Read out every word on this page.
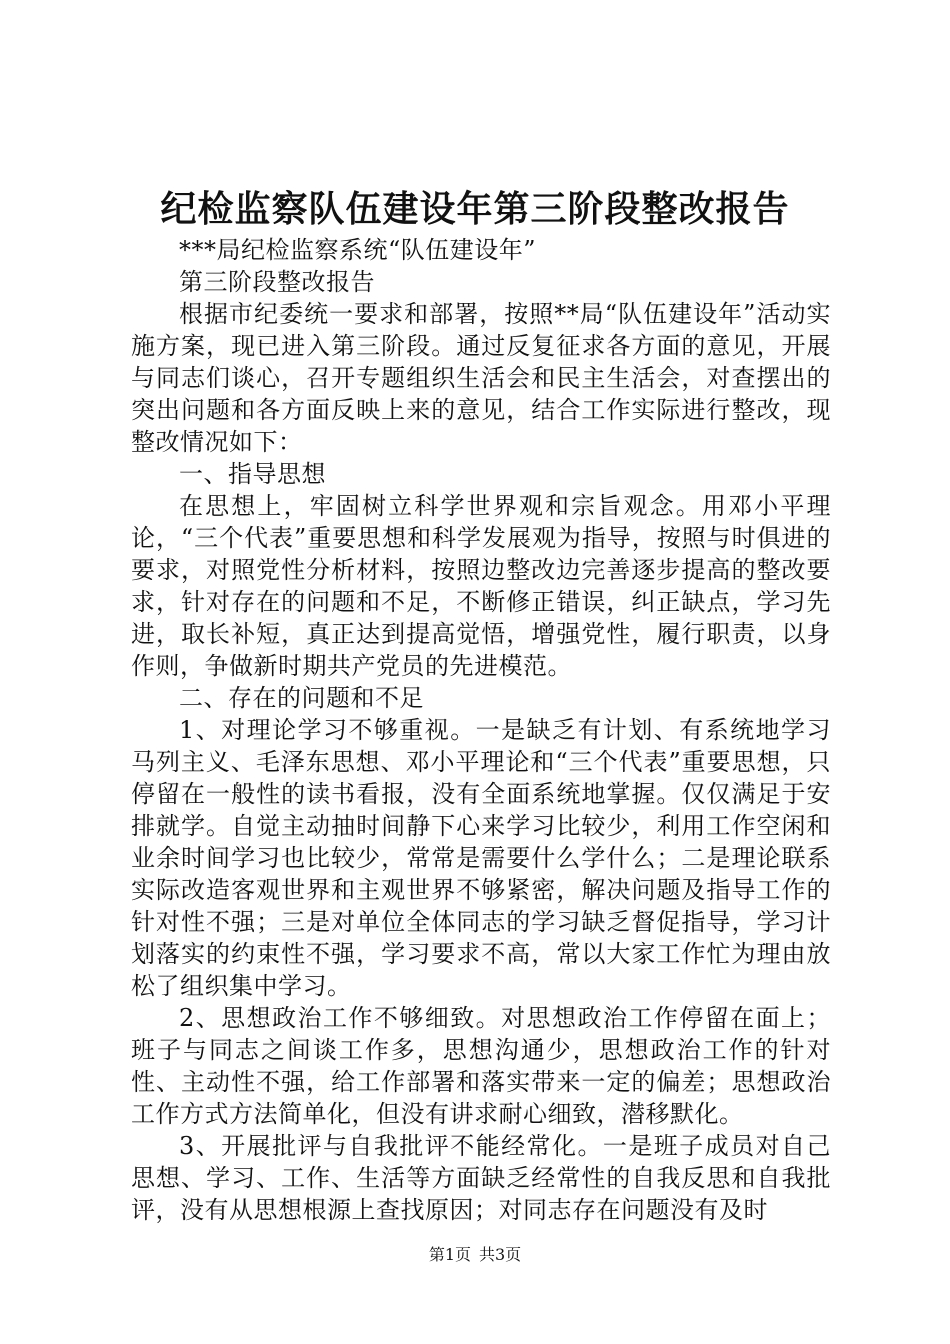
纪检监察队伍建设年第三阶段整改报告

***局纪检监察系统“队伍建设年”

第三阶段整改报告

根据市纪委统一要求和部署，按照**局“队伍建设年”活动实施方案，现已进入第三阶段。通过反复征求各方面的意见，开展与同志们谈心，召开专题组织生活会和民主生活会，对查摆出的突出问题和各方面反映上来的意见，结合工作实际进行整改，现整改情况如下：

一、指导思想

在思想上，牢固树立科学世界观和宗旨观念。用邓小平理论，“三个代表”重要思想和科学发展观为指导，按照与时俱进的要求，对照党性分析材料，按照边整改边完善逐步提高的整改要求，针对存在的问题和不足，不断修正错误，纠正缺点，学习先进，取长补短，真正达到提高觉悟，增强党性，履行职责，以身作则，争做新时期共产党员的先进模范。

二、存在的问题和不足

1、对理论学习不够重视。一是缺乏有计划、有系统地学习马列主义、毛泽东思想、邓小平理论和“三个代表”重要思想，只停留在一般性的读书看报，没有全面系统地掌握。仅仅满足于安排就学。自觉主动抽时间静下心来学习比较少，利用工作空闲和业余时间学习也比较少，常常是需要什么学什么；二是理论联系实际改造客观世界和主观世界不够紧密，解决问题及指导工作的针对性不强；三是对单位全体同志的学习缺乏督促指导，学习计划落实的约束性不强，学习要求不高，常以大家工作忙为理由放松了组织集中学习。

2、思想政治工作不够细致。对思想政治工作停留在面上；班子与同志之间谈工作多，思想沟通少，思想政治工作的针对性、主动性不强，给工作部署和落实带来一定的偏差；思想政治工作方式方法简单化，但没有讲求耐心细致，潜移默化。

3、开展批评与自我批评不能经常化。一是班子成员对自己思想、学习、工作、生活等方面缺乏经常性的自我反思和自我批评，没有从思想根源上查找原因；对同志存在问题没有及时

第1页 共3页
